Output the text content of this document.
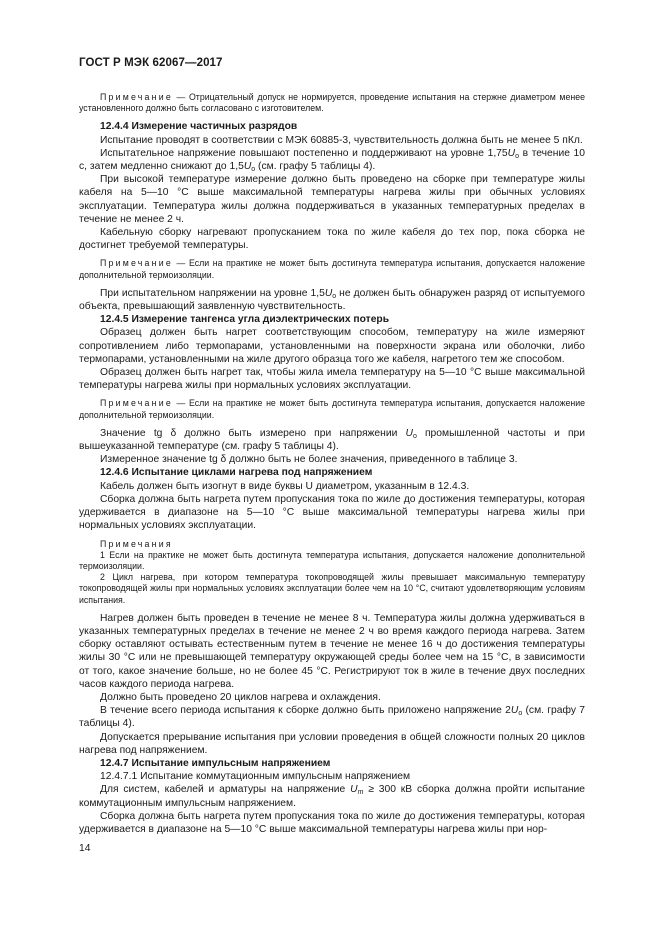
ГОСТ Р МЭК 62067—2017

Примечание — Отрицательный допуск не нормируется, проведение испытания на стержне диаметром менее установленного должно быть согласовано с изготовителем.

12.4.4 Измерение частичных разрядов

Испытание проводят в соответствии с МЭК 60885-3, чувствительность должна быть не менее 5 пКл.

Испытательное напряжение повышают постепенно и поддерживают на уровне $1,75U_o$ в течение 10 с, затем медленно снижают до $1,5U_o$ (см. графу 5 таблицы 4).

При высокой температуре измерение должно быть проведено на сборке при температуре жилы кабеля на 5—10 °С выше максимальной температуры нагрева жилы при обычных условиях эксплуатации. Температура жилы должна поддерживаться в указанных температурных пределах в течение не менее 2 ч.

Кабельную сборку нагревают пропусканием тока по жиле кабеля до тех пор, пока сборка не достигнет требуемой температуры.

Примечание — Если на практике не может быть достигнута температура испытания, допускается наложение дополнительной термоизоляции.

При испытательном напряжении на уровне $1,5U_o$ не должен быть обнаружен разряд от испытуемого объекта, превышающий заявленную чувствительность.

12.4.5 Измерение тангенса угла диэлектрических потерь

Образец должен быть нагрет соответствующим способом, температуру на жиле измеряют сопротивлением либо термопарами, установленными на поверхности экрана или оболочки, либо термопарами, установленными на жиле другого образца того же кабеля, нагретого тем же способом.

Образец должен быть нагрет так, чтобы жила имела температуру на 5—10 °С выше максимальной температуры нагрева жилы при нормальных условиях эксплуатации.

Примечание — Если на практике не может быть достигнута температура испытания, допускается наложение дополнительной термоизоляции.

Значение tg δ должно быть измерено при напряжении $U_o$ промышленной частоты и при вышеуказанной температуре (см. графу 5 таблицы 4).

Измеренное значение tg δ должно быть не более значения, приведенного в таблице 3.

12.4.6 Испытание циклами нагрева под напряжением

Кабель должен быть изогнут в виде буквы U диаметром, указанным в 12.4.3.

Сборка должна быть нагрета путем пропускания тока по жиле до достижения температуры, которая удерживается в диапазоне на 5—10 °С выше максимальной температуры нагрева жилы при нормальных условиях эксплуатации.

Примечания

1 Если на практике не может быть достигнута температура испытания, допускается наложение дополнительной термоизоляции.

2 Цикл нагрева, при котором температура токопроводящей жилы превышает максимальную температуру токопроводящей жилы при нормальных условиях эксплуатации более чем на 10 °С, считают удовлетворяющим условиям испытания.

Нагрев должен быть проведен в течение не менее 8 ч. Температура жилы должна удерживаться в указанных температурных пределах в течение не менее 2 ч во время каждого периода нагрева. Затем сборку оставляют остывать естественным путем в течение не менее 16 ч до достижения температуры жилы 30 °С или не превышающей температуру окружающей среды более чем на 15 °С, в зависимости от того, какое значение больше, но не более 45 °С. Регистрируют ток в жиле в течение двух последних часов каждого периода нагрева.

Должно быть проведено 20 циклов нагрева и охлаждения.

В течение всего периода испытания к сборке должно быть приложено напряжение $2U_o$ (см. графу 7 таблицы 4).

Допускается прерывание испытания при условии проведения в общей сложности полных 20 циклов нагрева под напряжением.

12.4.7 Испытание импульсным напряжением

12.4.7.1 Испытание коммутационным импульсным напряжением

Для систем, кабелей и арматуры на напряжение $U_m \ge 300$ кВ сборка должна пройти испытание коммутационным импульсным напряжением.

Сборка должна быть нагрета путем пропускания тока по жиле до достижения температуры, которая удерживается в диапазоне на 5—10 °С выше максимальной температуры нагрева жилы при нор-

14
